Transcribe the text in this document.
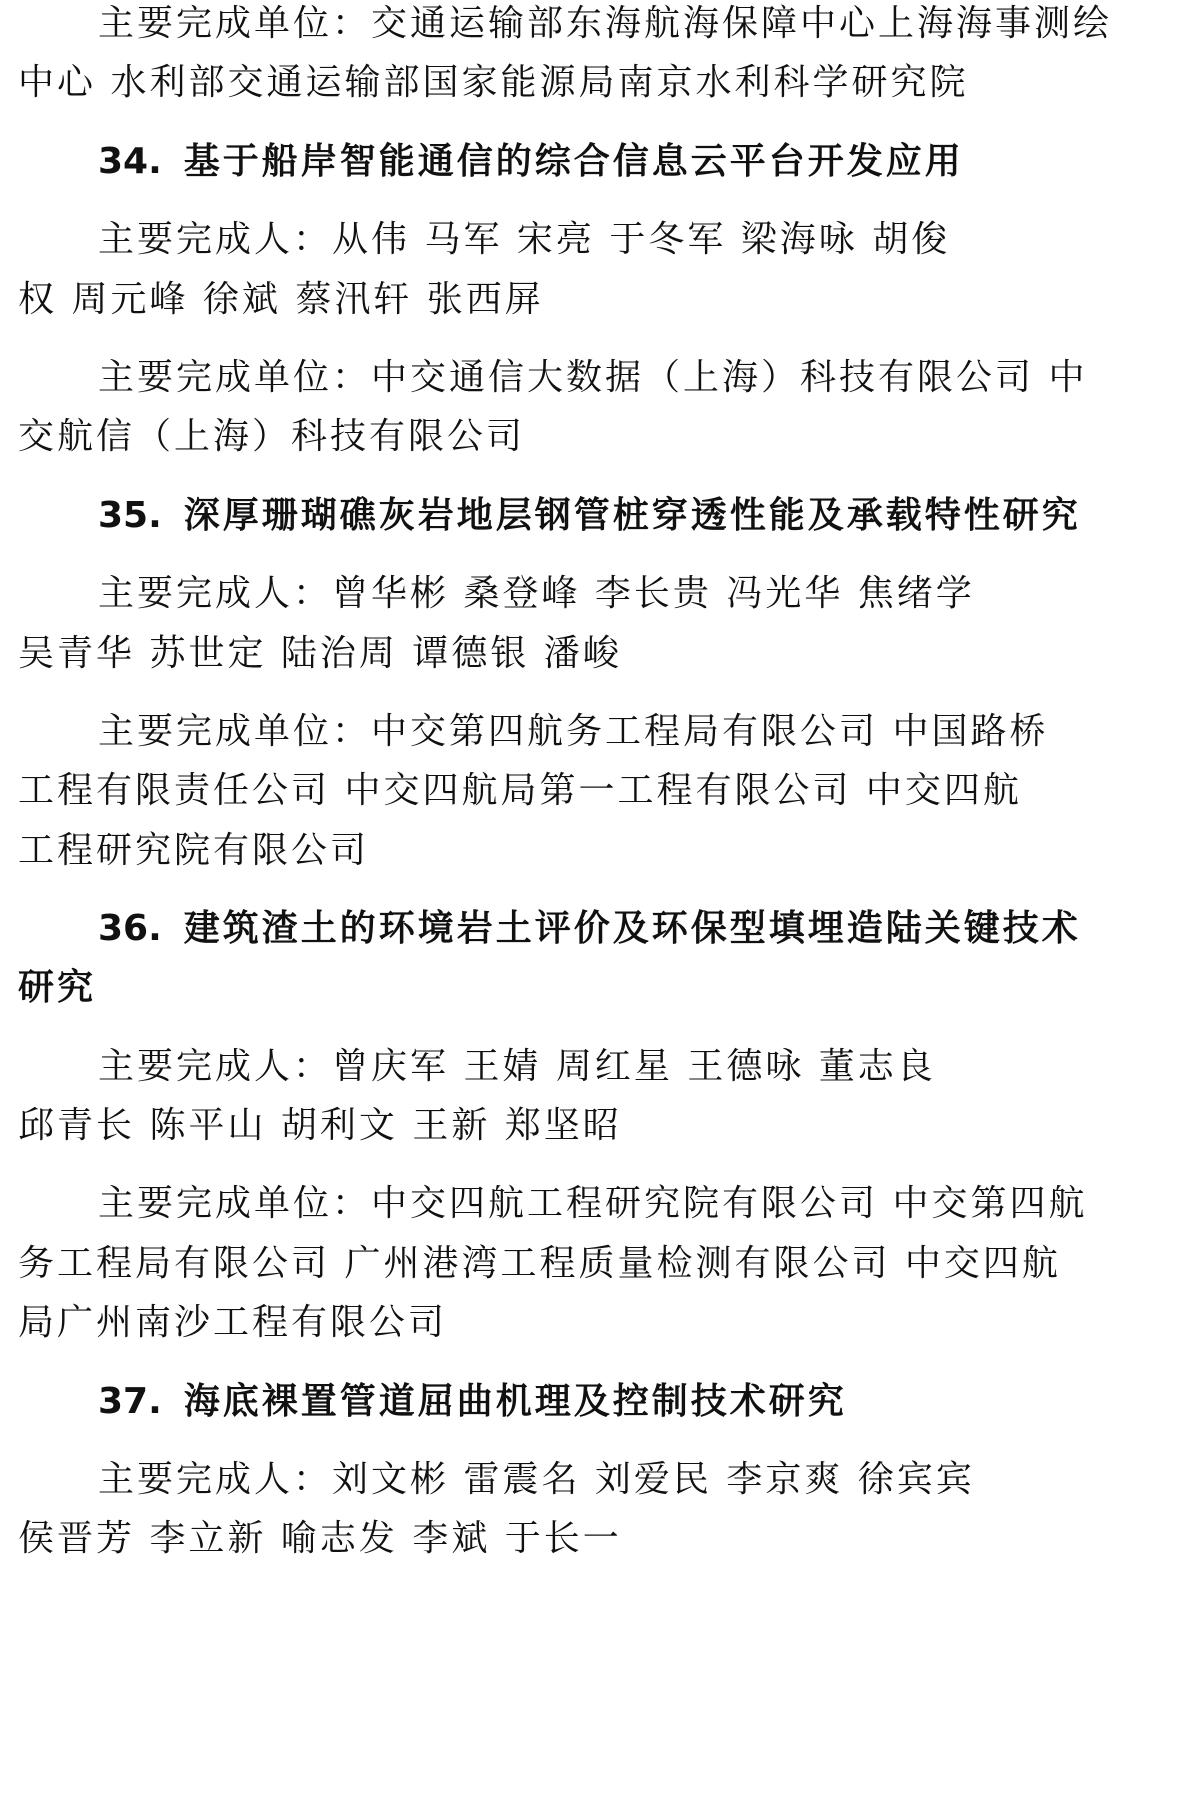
主要完成单位：交通运输部东海航海保障中心上海海事测绘
中心 水利部交通运输部国家能源局南京水利科学研究院
34. 基于船岸智能通信的综合信息云平台开发应用
主要完成人：从伟 马军 宋亮 于冬军 梁海咏 胡俊
权 周元峰 徐斌 蔡汛轩 张西屏
主要完成单位：中交通信大数据（上海）科技有限公司 中
交航信（上海）科技有限公司
35. 深厚珊瑚礁灰岩地层钢管桩穿透性能及承载特性研究
主要完成人：曾华彬 桑登峰 李长贵 冯光华 焦绪学
吴青华 苏世定 陆治周 谭德银 潘峻
主要完成单位：中交第四航务工程局有限公司 中国路桥
工程有限责任公司 中交四航局第一工程有限公司 中交四航
工程研究院有限公司
36. 建筑渣土的环境岩土评价及环保型填埋造陆关键技术
研究
主要完成人：曾庆军 王婧 周红星 王德咏 董志良
邱青长 陈平山 胡利文 王新 郑坚昭
主要完成单位：中交四航工程研究院有限公司 中交第四航
务工程局有限公司 广州港湾工程质量检测有限公司 中交四航
局广州南沙工程有限公司
37. 海底裸置管道屈曲机理及控制技术研究
主要完成人：刘文彬 雷震名 刘爱民 李京爽 徐宾宾
侯晋芳 李立新 喻志发 李斌 于长一
